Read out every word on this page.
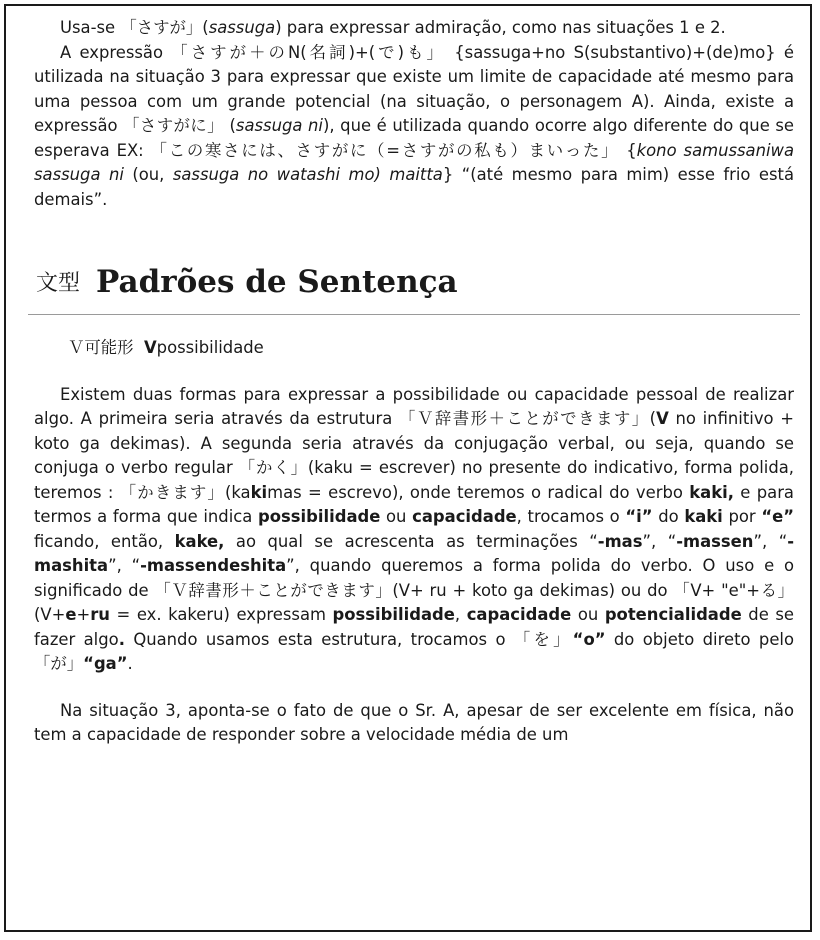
Usa-se 「さすが」(sassuga) para expressar admiração, como nas situações 1 e 2.

A expressão 「さすが＋のN(名詞)+(で)も」 {sassuga+no S(substantivo)+(de)mo} é utilizada na situação 3 para expressar que existe um limite de capacidade até mesmo para uma pessoa com um grande potencial (na situação, o personagem A). Ainda, existe a expressão 「さすがに」 (sassuga ni), que é utilizada quando ocorre algo diferente do que se esperava EX: 「この寒さには、さすがに（=さすがの私も）まいった」 {kono samussaniwa sassuga ni (ou, sassuga no watashi mo) maitta} “(até mesmo para mim) esse frio está demais”.

文型 Padrões de Sentença
Ｖ可能形 Vpossibilidade

Existem duas formas para expressar a possibilidade ou capacidade pessoal de realizar algo. A primeira seria através da estrutura 「Ｖ辞書形＋ことができます」(V no infinitivo + koto ga dekimas). A segunda seria através da conjugação verbal, ou seja, quando se conjuga o verbo regular 「かく」(kaku = escrever) no presente do indicativo, forma polida, teremos : 「かきます」(kakimas = escrevo), onde teremos o radical do verbo kaki, e para termos a forma que indica possibilidade ou capacidade, trocamos o “i” do kaki por “e” ficando, então, kake, ao qual se acrescenta as terminações “-mas”, “-massen”, “-mashita”, “-massendeshita”, quando queremos a forma polida do verbo. O uso e o significado de 「Ｖ辞書形＋ことができます」(V+ ru + koto ga dekimas) ou do 「V+ "e"+る」(V+e+ru = ex. kakeru) expressam possibilidade, capacidade ou potencialidade de se fazer algo. Quando usamos esta estrutura, trocamos o 「を」“o” do objeto direto pelo 「が」“ga”.

Na situação 3, aponta-se o fato de que o Sr. A, apesar de ser excelente em física, não tem a capacidade de responder sobre a velocidade média de um
